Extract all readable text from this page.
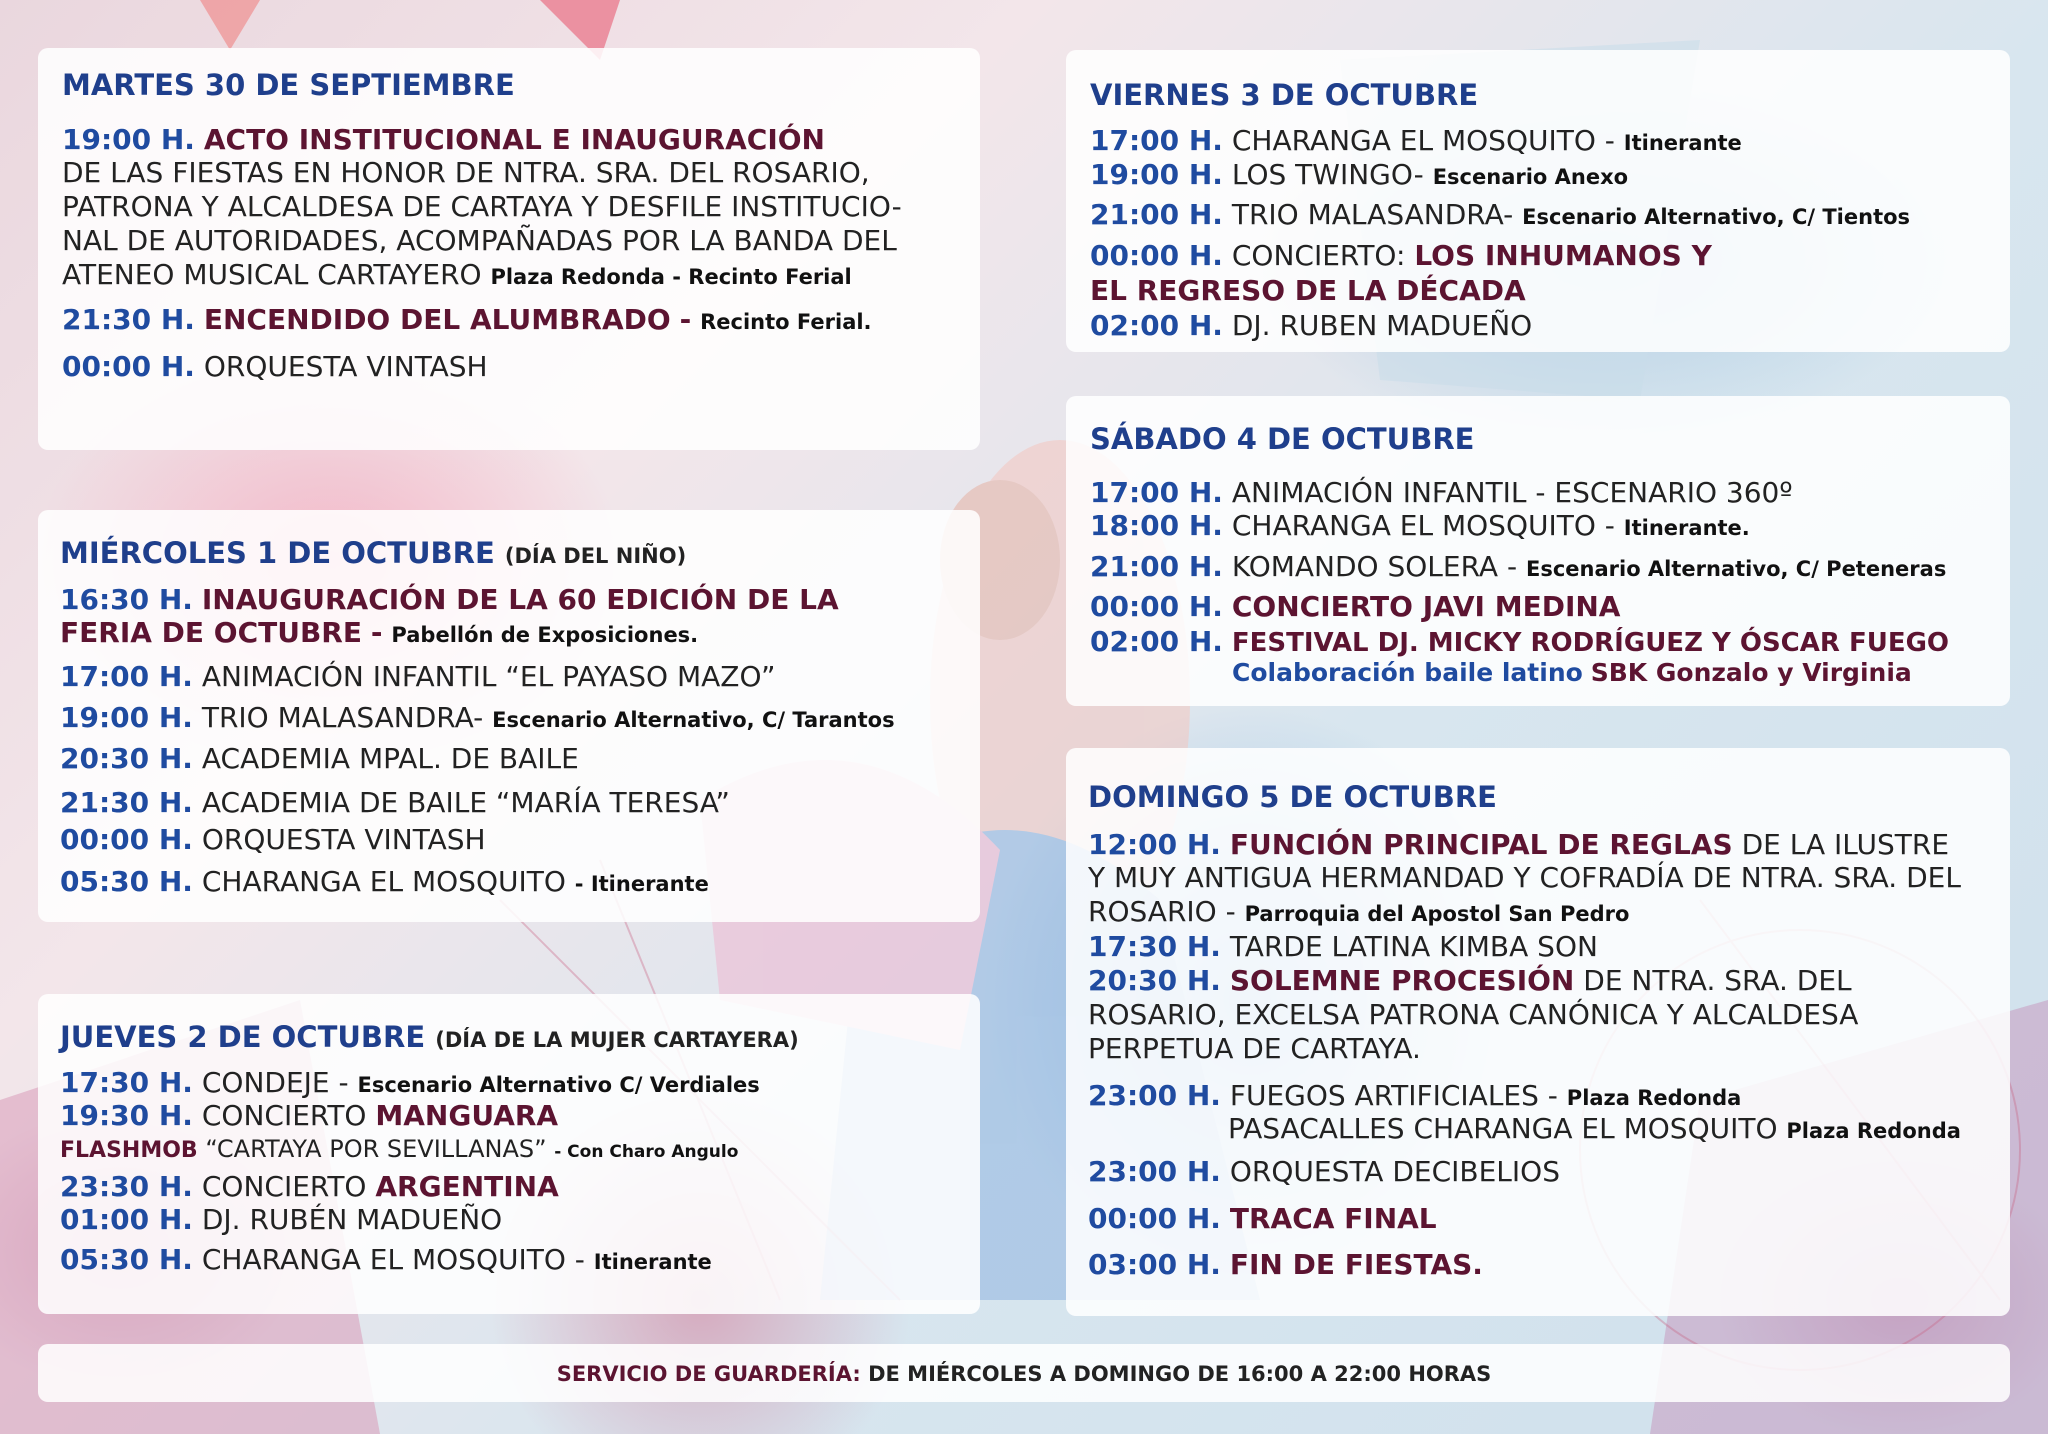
MARTES 30 DE SEPTIEMBRE
19:00 H. ACTO INSTITUCIONAL E INAUGURACIÓN
DE LAS FIESTAS EN HONOR DE NTRA. SRA. DEL ROSARIO,
PATRONA Y ALCALDESA DE CARTAYA Y DESFILE INSTITUCIO-
NAL DE AUTORIDADES, ACOMPAÑADAS POR LA BANDA DEL
ATENEO MUSICAL CARTAYERO Plaza Redonda - Recinto Ferial
21:30 H. ENCENDIDO DEL ALUMBRADO - Recinto Ferial.
00:00 H. ORQUESTA VINTASH
MIÉRCOLES 1 DE OCTUBRE (DÍA DEL NIÑO)
16:30 H. INAUGURACIÓN DE LA 60 EDICIÓN DE LA
FERIA DE OCTUBRE - Pabellón de Exposiciones.
17:00 H. ANIMACIÓN INFANTIL “EL PAYASO MAZO”
19:00 H. TRIO MALASANDRA- Escenario Alternativo, C/ Tarantos
20:30 H. ACADEMIA MPAL. DE BAILE
21:30 H. ACADEMIA DE BAILE “MARÍA TERESA”
00:00 H. ORQUESTA VINTASH
05:30 H. CHARANGA EL MOSQUITO - Itinerante
JUEVES 2 DE OCTUBRE (DÍA DE LA MUJER CARTAYERA)
17:30 H. CONDEJE - Escenario Alternativo C/ Verdiales
19:30 H. CONCIERTO MANGUARA
FLASHMOB “CARTAYA POR SEVILLANAS” - Con Charo Angulo
23:30 H. CONCIERTO ARGENTINA
01:00 H. DJ. RUBÉN MADUEÑO
05:30 H. CHARANGA EL MOSQUITO - Itinerante
VIERNES 3 DE OCTUBRE
17:00 H. CHARANGA EL MOSQUITO - Itinerante
19:00 H. LOS TWINGO- Escenario Anexo
21:00 H. TRIO MALASANDRA- Escenario Alternativo, C/ Tientos
00:00 H. CONCIERTO: LOS INHUMANOS Y
EL REGRESO DE LA DÉCADA
02:00 H. DJ. RUBEN MADUEÑO
SÁBADO 4 DE OCTUBRE
17:00 H. ANIMACIÓN INFANTIL - ESCENARIO 360º
18:00 H. CHARANGA EL MOSQUITO - Itinerante.
21:00 H. KOMANDO SOLERA - Escenario Alternativo, C/ Peteneras
00:00 H. CONCIERTO JAVI MEDINA
02:00 H. FESTIVAL DJ. MICKY RODRÍGUEZ Y ÓSCAR FUEGO
Colaboración baile latino SBK Gonzalo y Virginia
DOMINGO 5 DE OCTUBRE
12:00 H. FUNCIÓN PRINCIPAL DE REGLAS DE LA ILUSTRE
Y MUY ANTIGUA HERMANDAD Y COFRADÍA DE NTRA. SRA. DEL
ROSARIO - Parroquia del Apostol San Pedro
17:30 H. TARDE LATINA KIMBA SON
20:30 H. SOLEMNE PROCESIÓN DE NTRA. SRA. DEL
ROSARIO, EXCELSA PATRONA CANÓNICA Y ALCALDESA
PERPETUA DE CARTAYA.
23:00 H. FUEGOS ARTIFICIALES - Plaza Redonda
PASACALLES CHARANGA EL MOSQUITO Plaza Redonda
23:00 H. ORQUESTA DECIBELIOS
00:00 H. TRACA FINAL
03:00 H. FIN DE FIESTAS.
SERVICIO DE GUARDERÍA: DE MIÉRCOLES A DOMINGO DE 16:00 A 22:00 HORAS
